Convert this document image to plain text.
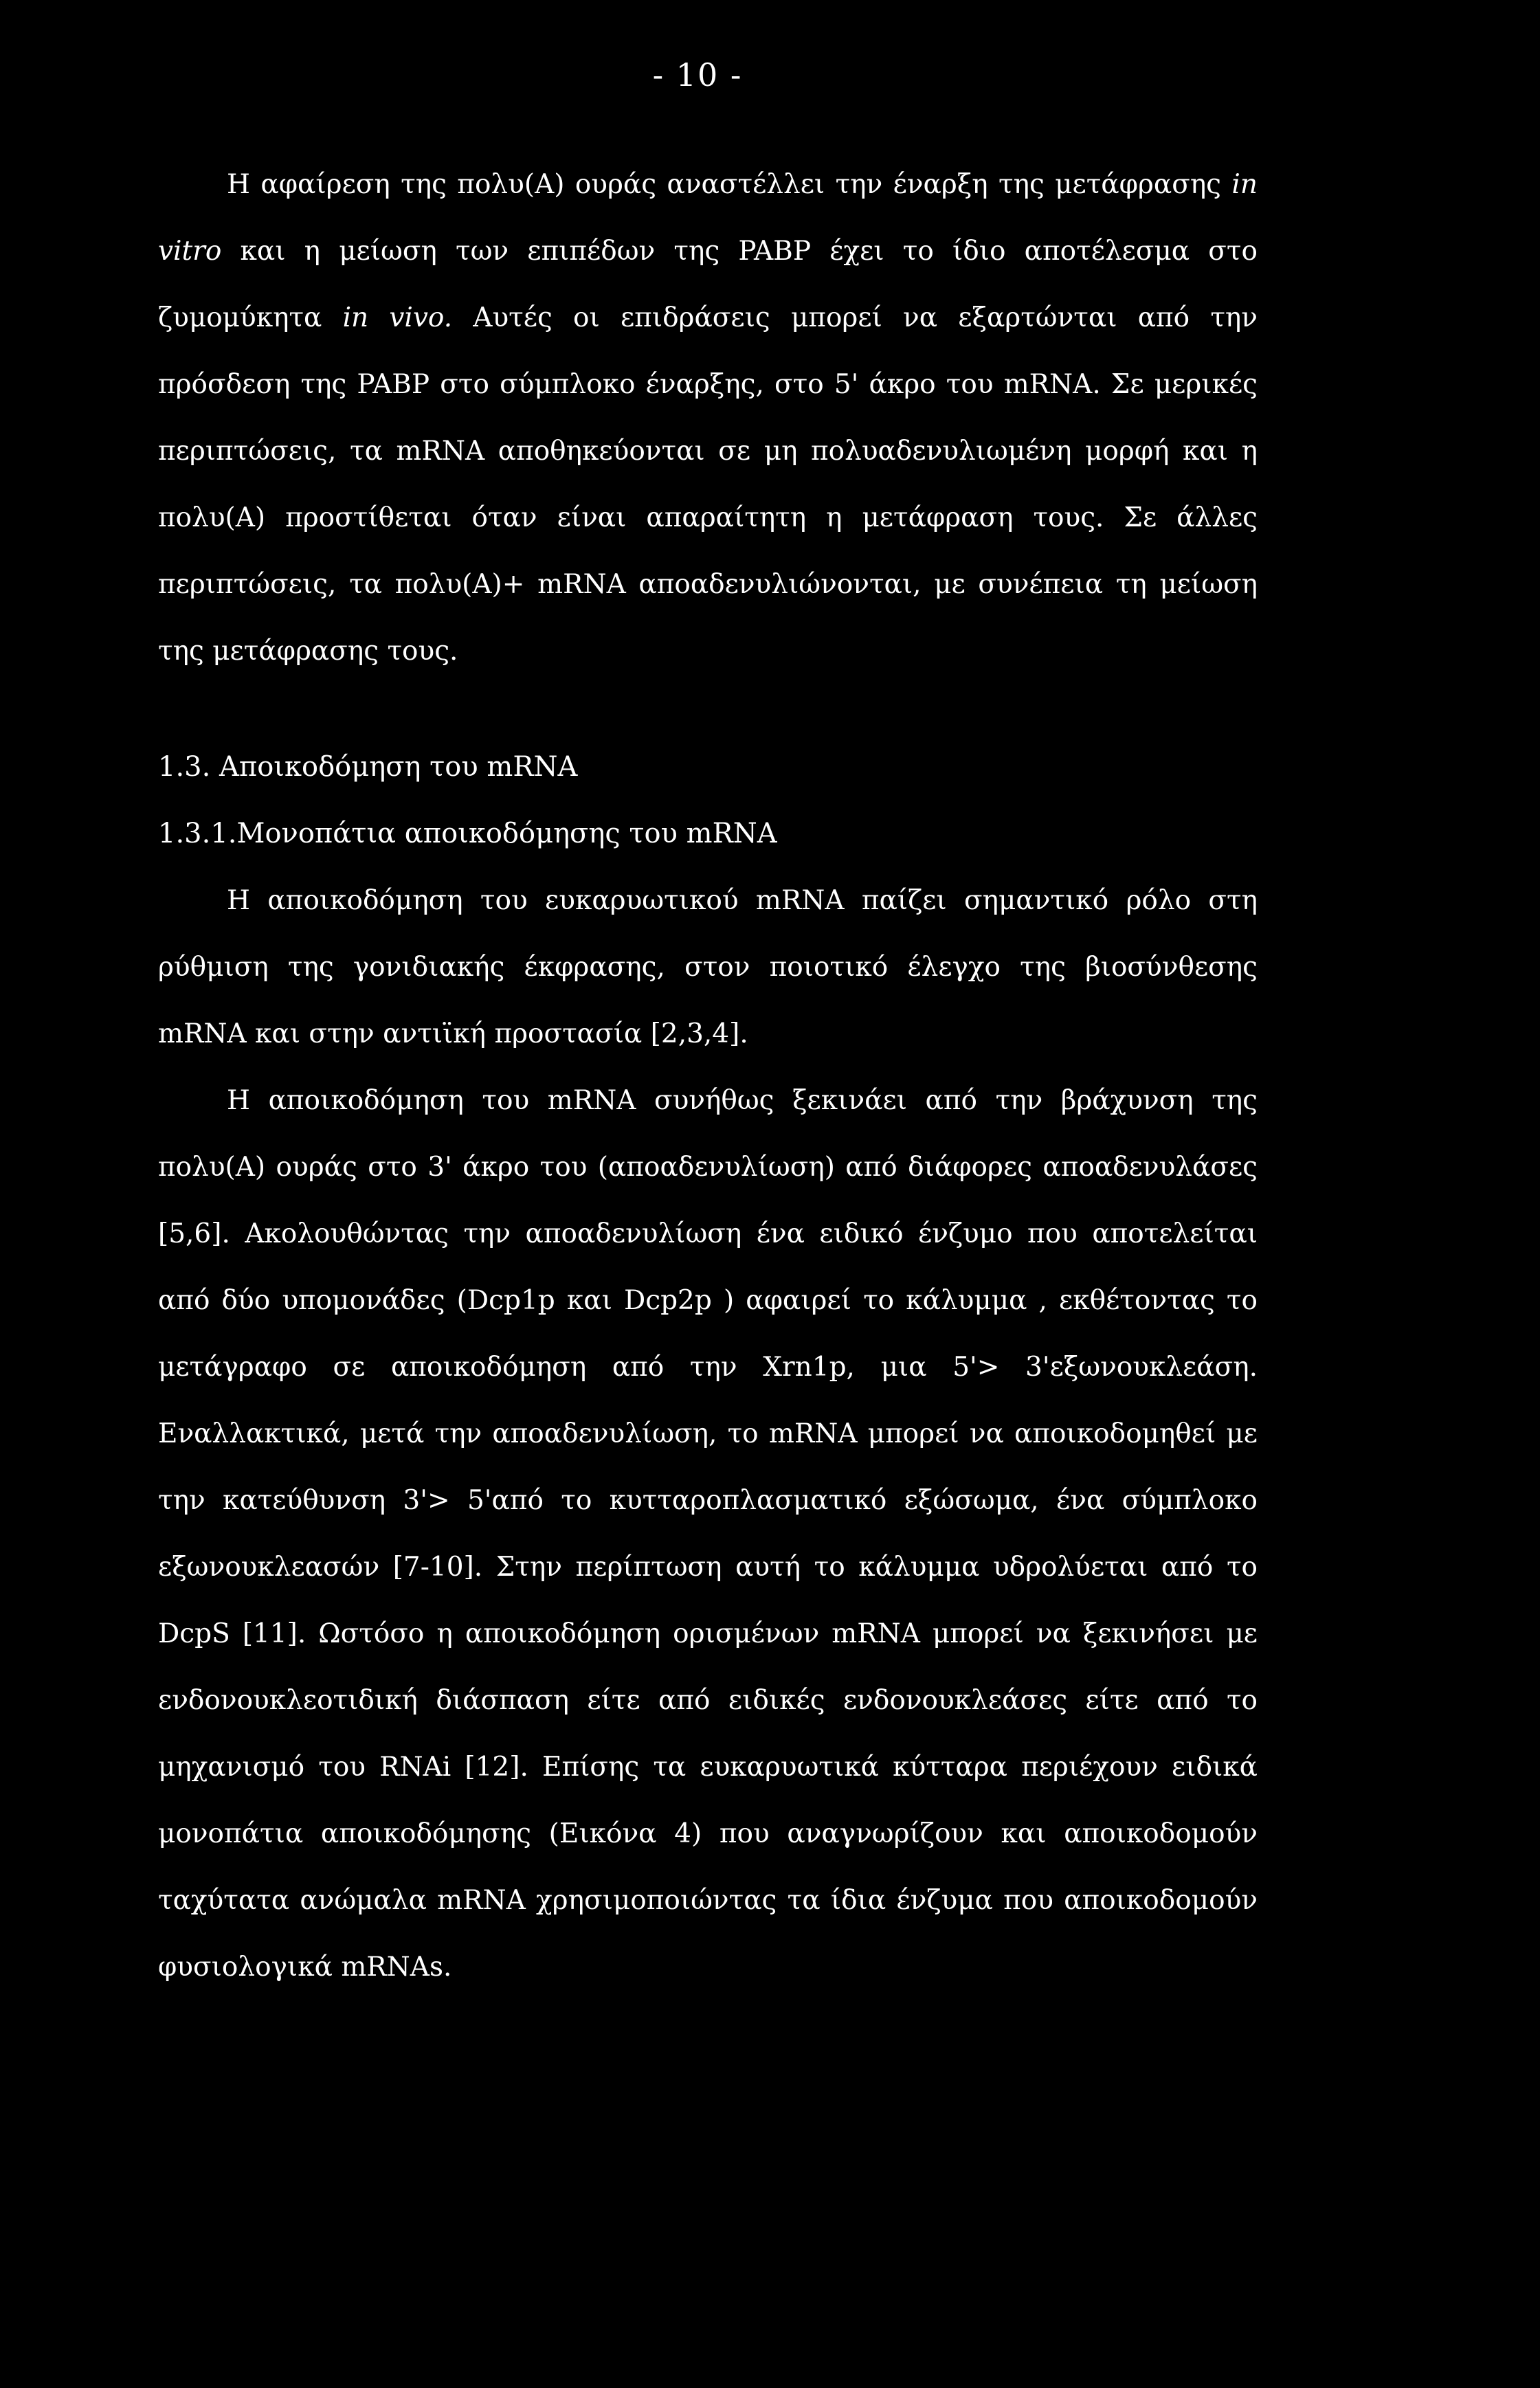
- 10 -

Η αφαίρεση της πολυ(Α) ουράς αναστέλλει την έναρξη της μετάφρασης in vitro και η μείωση των επιπέδων της PABP έχει το ίδιο αποτέλεσμα στο ζυμομύκητα in vivo. Αυτές οι επιδράσεις μπορεί να εξαρτώνται από την πρόσδεση της PABP στο σύμπλοκο έναρξης, στο 5' άκρο του mRNA. Σε μερικές περιπτώσεις, τα mRNA αποθηκεύονται σε μη πολυαδενυλιωμένη μορφή και η πολυ(Α) προστίθεται όταν είναι απαραίτητη η μετάφραση τους. Σε άλλες περιπτώσεις, τα πολυ(Α)+ mRNA αποαδενυλιώνονται, με συνέπεια τη μείωση της μετάφρασης τους.

1.3. Αποικοδόμηση του mRNA

1.3.1.Μονοπάτια αποικοδόμησης του mRNA

Η αποικοδόμηση του ευκαρυωτικού mRNA παίζει σημαντικό ρόλο στη ρύθμιση της γονιδιακής έκφρασης, στον ποιοτικό έλεγχο της βιοσύνθεσης mRNA και στην αντιϊκή προστασία [2,3,4].

Η αποικοδόμηση του mRNA συνήθως ξεκινάει από την βράχυνση της πολυ(Α) ουράς στο 3' άκρο του (αποαδενυλίωση) από διάφορες αποαδενυλάσες [5,6]. Ακολουθώντας την αποαδενυλίωση ένα ειδικό ένζυμο που αποτελείται από δύο υπομονάδες (Dcp1p και Dcp2p ) αφαιρεί το κάλυμμα , εκθέτοντας το μετάγραφο σε αποικοδόμηση από την Xrn1p, μια 5'> 3'εξωνουκλεάση. Εναλλακτικά, μετά την αποαδενυλίωση, το mRNA μπορεί να αποικοδομηθεί με την κατεύθυνση 3'> 5'από το κυτταροπλασματικό εξώσωμα, ένα σύμπλοκο εξωνουκλεασών [7-10]. Στην περίπτωση αυτή το κάλυμμα υδρολύεται από το DcpS [11]. Ωστόσο η αποικοδόμηση ορισμένων mRNA μπορεί να ξεκινήσει με ενδονουκλεοτιδική διάσπαση είτε από ειδικές ενδονουκλεάσες είτε από το μηχανισμό του RNAi [12]. Επίσης τα ευκαρυωτικά κύτταρα περιέχουν ειδικά μονοπάτια αποικοδόμησης (Εικόνα 4) που αναγνωρίζουν και αποικοδομούν ταχύτατα ανώμαλα mRNA χρησιμοποιώντας τα ίδια ένζυμα που αποικοδομούν φυσιολογικά mRNAs.
